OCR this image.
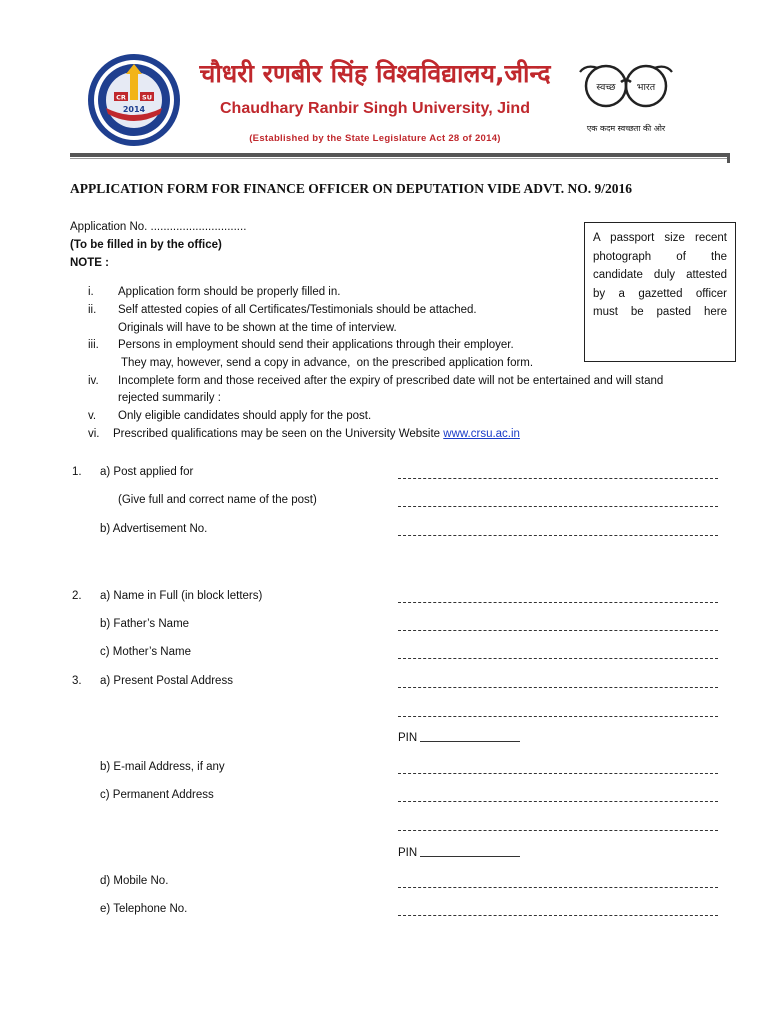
CR SU
2014
चौधरी रणबीर सिंह विश्वविद्यालय,जीन्द
Chaudhary Ranbir Singh University, Jind
(Established by the State Legislature Act 28 of 2014)
स्वच्छ भारत
एक कदम स्वच्छता की ओर
APPLICATION FORM FOR FINANCE OFFICER ON DEPUTATION VIDE ADVT. NO. 9/2016
Application No. ..............................
(To be filled in by the office)
NOTE :
A passport size recent
photograph      of      the
candidate duly attested
by a gazetted officer
must be pasted here
i. Application form should be properly filled in.
ii. Self attested copies of all Certificates/Testimonials should be attached.
Originals will have to be shown at the time of interview.
iii. Persons in employment should send their applications through their employer.
They may, however, send a copy in advance,  on the prescribed application form.
iv. Incomplete form and those received after the expiry of prescribed date will not be entertained and will stand
rejected summarily :
v. Only eligible candidates should apply for the post.
vi. Prescribed qualifications may be seen on the University Website www.crsu.ac.in
1. a) Post applied for
(Give full and correct name of the post)
b) Advertisement No.
2. a) Name in Full (in block letters)
b) Father’s Name
c) Mother’s Name
3. a) Present Postal Address
PIN
b) E-mail Address, if any
c) Permanent Address
PIN
d) Mobile No.
e) Telephone No.
